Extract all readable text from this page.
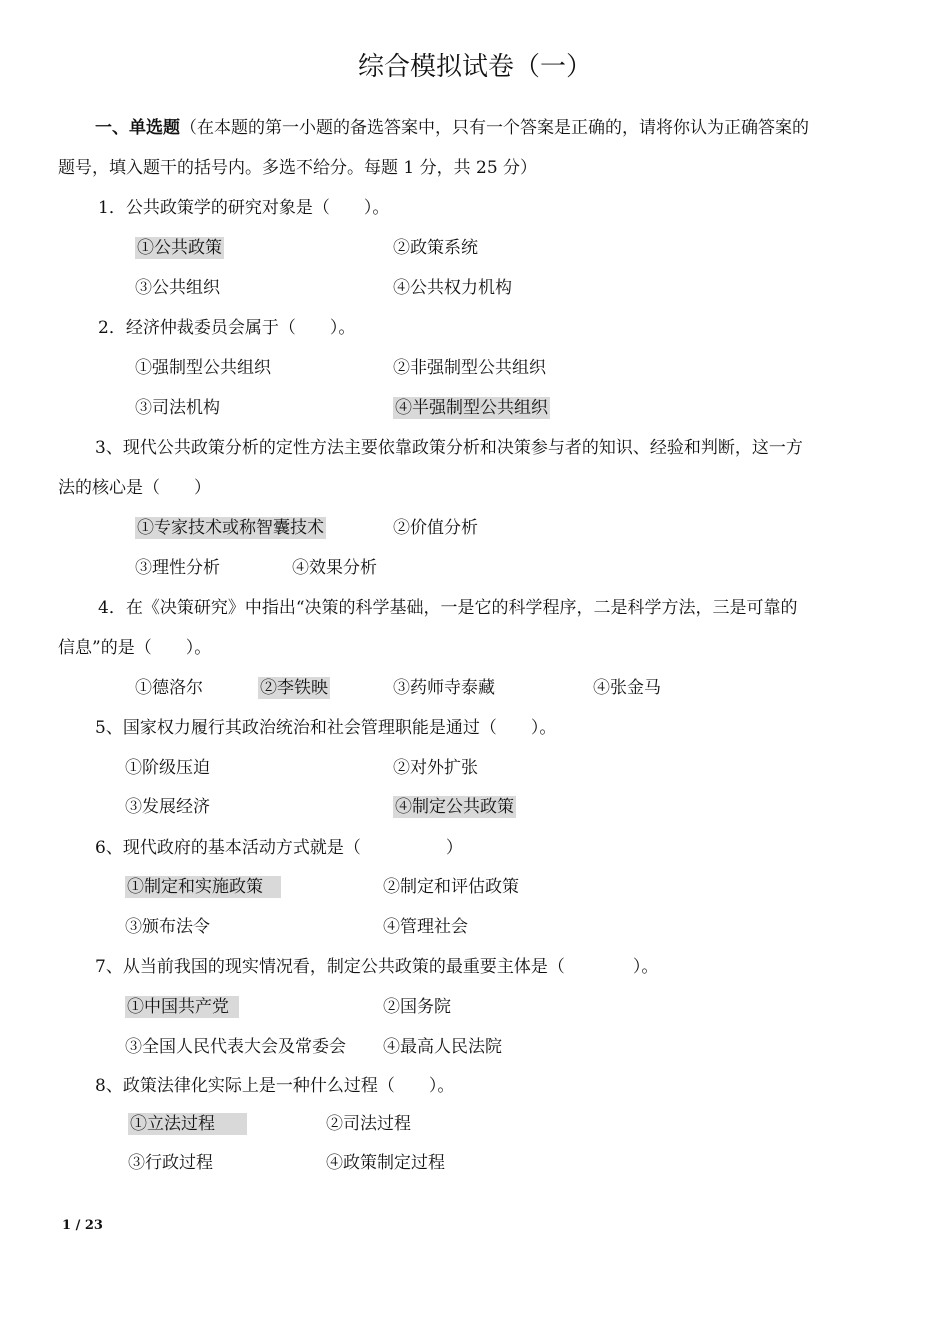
综合模拟试卷（一）
一、单选题（在本题的第一小题的备选答案中，只有一个答案是正确的，请将你认为正确答案的
题号，填入题干的括号内。多选不给分。每题 1 分，共 25 分）
1．公共政策学的研究对象是（　　）。
①公共政策	②政策系统
③公共组织	④公共权力机构
2．经济仲裁委员会属于（　　）。
①强制型公共组织	②非强制型公共组织
③司法机构	④半强制型公共组织
3、现代公共政策分析的定性方法主要依靠政策分析和决策参与者的知识、经验和判断，这一方
法的核心是（　　）
①专家技术或称智囊技术	②价值分析
③理性分析	④效果分析
4．在《决策研究》中指出“决策的科学基础，一是它的科学程序，二是科学方法，三是可靠的
信息”的是（　　）。
①德洛尔	②李铁映	③药师寺泰藏	④张金马
5、国家权力履行其政治统治和社会管理职能是通过（　　）。
①阶级压迫	②对外扩张
③发展经济	④制定公共政策
6、现代政府的基本活动方式就是（　　　　　）
①制定和实施政策	②制定和评估政策
③颁布法令	④管理社会
7、从当前我国的现实情况看，制定公共政策的最重要主体是（　　　　）。
①中国共产党	②国务院
③全国人民代表大会及常委会 ④最高人民法院
8、政策法律化实际上是一种什么过程（　　）。
①立法过程	②司法过程
③行政过程	④政策制定过程
1 / 23
